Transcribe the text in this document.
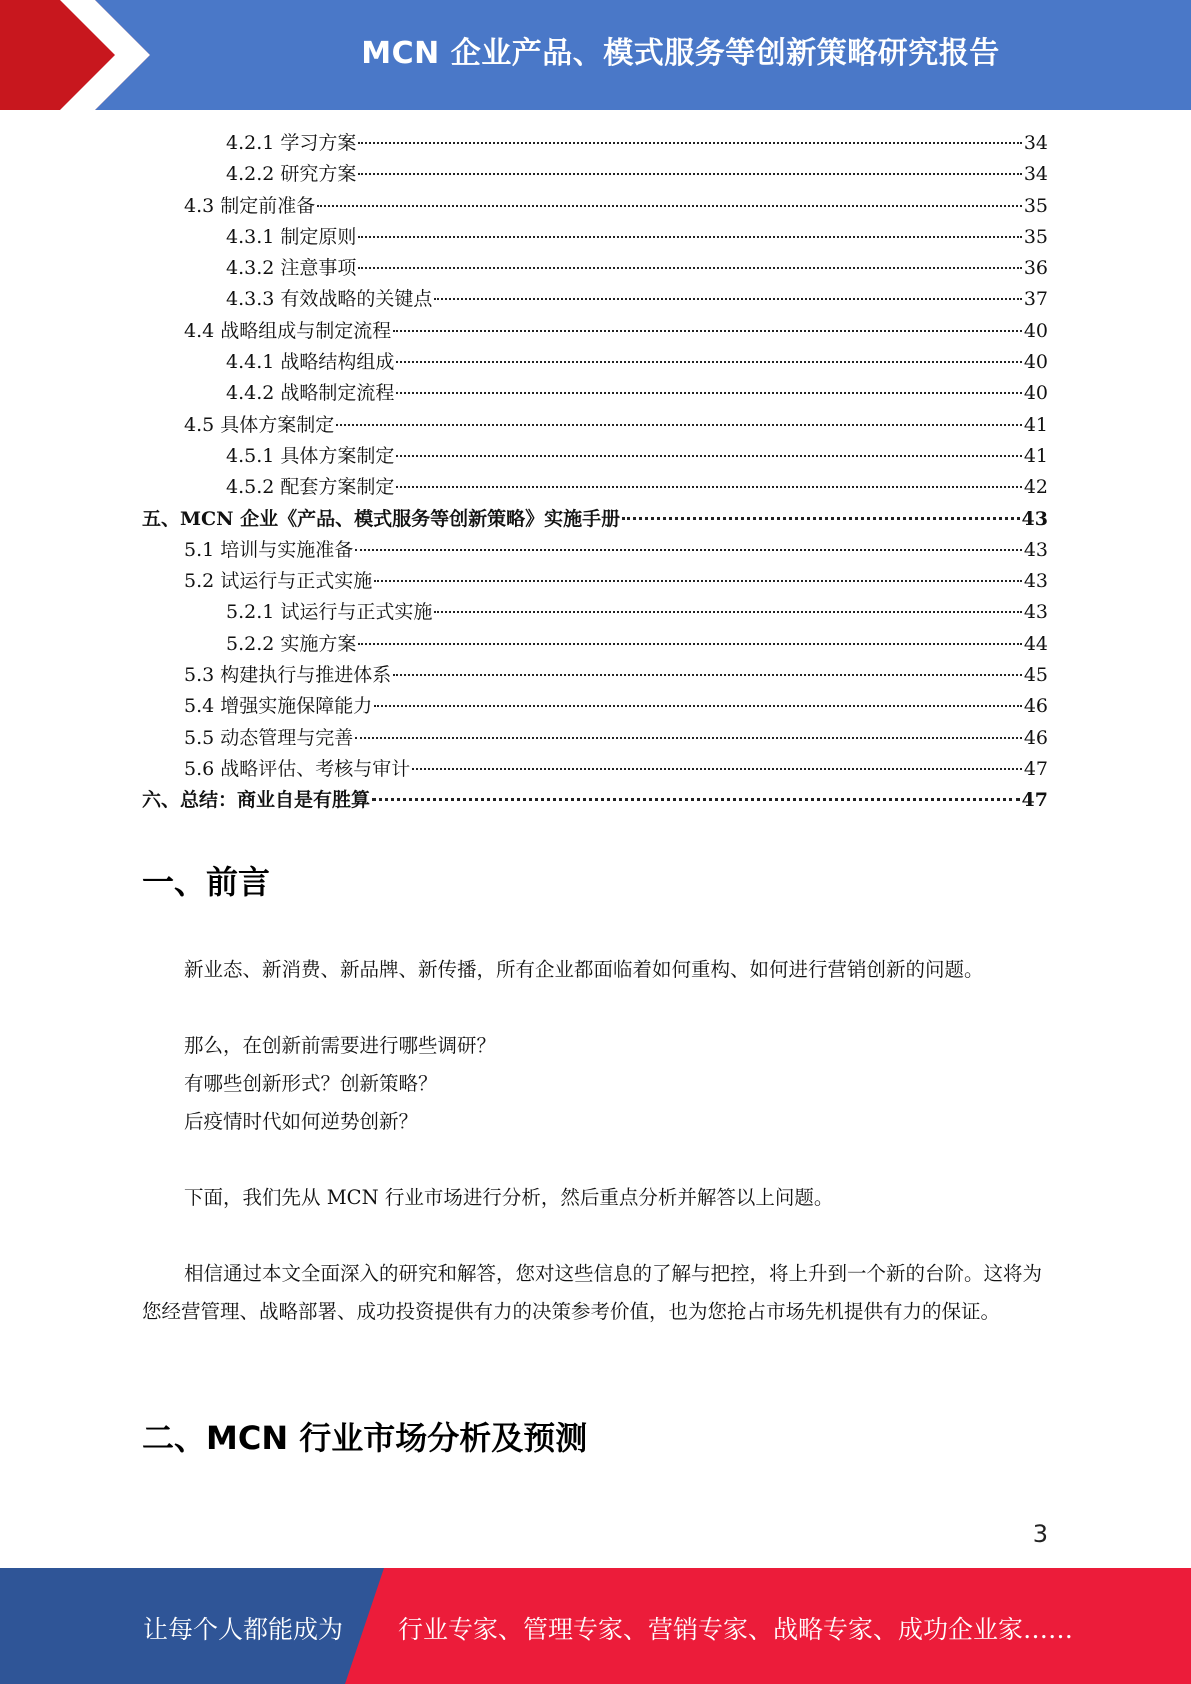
MCN 企业产品、模式服务等创新策略研究报告
4.2.1 学习方案	34
4.2.2 研究方案	34
4.3 制定前准备	35
4.3.1 制定原则	35
4.3.2 注意事项	36
4.3.3 有效战略的关键点	37
4.4 战略组成与制定流程	40
4.4.1 战略结构组成	40
4.4.2 战略制定流程	40
4.5 具体方案制定	41
4.5.1 具体方案制定	41
4.5.2 配套方案制定	42
五、MCN 企业《产品、模式服务等创新策略》实施手册	43
5.1 培训与实施准备	43
5.2 试运行与正式实施	43
5.2.1 试运行与正式实施	43
5.2.2 实施方案	44
5.3 构建执行与推进体系	45
5.4 增强实施保障能力	46
5.5 动态管理与完善	46
5.6 战略评估、考核与审计	47
六、总结：商业自是有胜算	47
一、前言
新业态、新消费、新品牌、新传播，所有企业都面临着如何重构、如何进行营销创新的问题。
那么，在创新前需要进行哪些调研？
有哪些创新形式？创新策略？
后疫情时代如何逆势创新？
下面，我们先从 MCN 行业市场进行分析，然后重点分析并解答以上问题。
相信通过本文全面深入的研究和解答，您对这些信息的了解与把控，将上升到一个新的台阶。这将为您经营管理、战略部署、成功投资提供有力的决策参考价值，也为您抢占市场先机提供有力的保证。
二、MCN 行业市场分析及预测
3
让每个人都能成为 行业专家、管理专家、营销专家、战略专家、成功企业家……
